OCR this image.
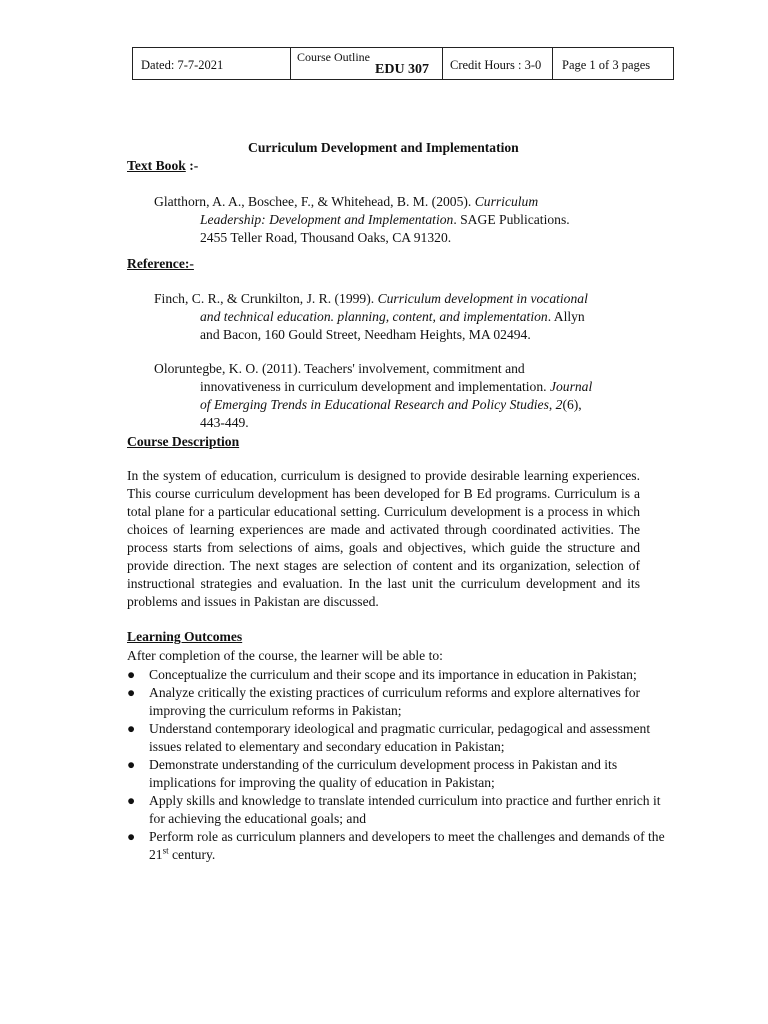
Dated: 7-7-2021
Course Outline
EDU 307	Credit Hours : 3-0	Page 1 of 3 pages
Curriculum Development and Implementation
Text Book :-
Glatthorn, A. A., Boschee, F., & Whitehead, B. M. (2005). Curriculum
Leadership: Development and Implementation. SAGE Publications.
2455 Teller Road, Thousand Oaks, CA 91320.
Reference:-
Finch, C. R., & Crunkilton, J. R. (1999). Curriculum development in vocational
and technical education. planning, content, and implementation. Allyn
and Bacon, 160 Gould Street, Needham Heights, MA 02494.
Oloruntegbe, K. O. (2011). Teachers' involvement, commitment and
innovativeness in curriculum development and implementation. Journal
of Emerging Trends in Educational Research and Policy Studies, 2(6),
443-449.
Course Description
In the system of education, curriculum is designed to provide desirable learning experiences. This course curriculum development has been developed for B Ed programs. Curriculum is a total plane for a particular educational setting. Curriculum development is a process in which choices of learning experiences are made and activated through coordinated activities. The process starts from selections of aims, goals and objectives, which guide the structure and provide direction. The next stages are selection of content and its organization, selection of instructional strategies and evaluation. In the last unit the curriculum development and its problems and issues in Pakistan are discussed.
Learning Outcomes
After completion of the course, the learner will be able to:
● Conceptualize the curriculum and their scope and its importance in education in Pakistan;
● Analyze critically the existing practices of curriculum reforms and explore alternatives for improving the curriculum reforms in Pakistan;
● Understand contemporary ideological and pragmatic curricular, pedagogical and assessment issues related to elementary and secondary education in Pakistan;
● Demonstrate understanding of the curriculum development process in Pakistan and its implications for improving the quality of education in Pakistan;
● Apply skills and knowledge to translate intended curriculum into practice and further enrich it for achieving the educational goals; and
● Perform role as curriculum planners and developers to meet the challenges and demands of the 21st century.
